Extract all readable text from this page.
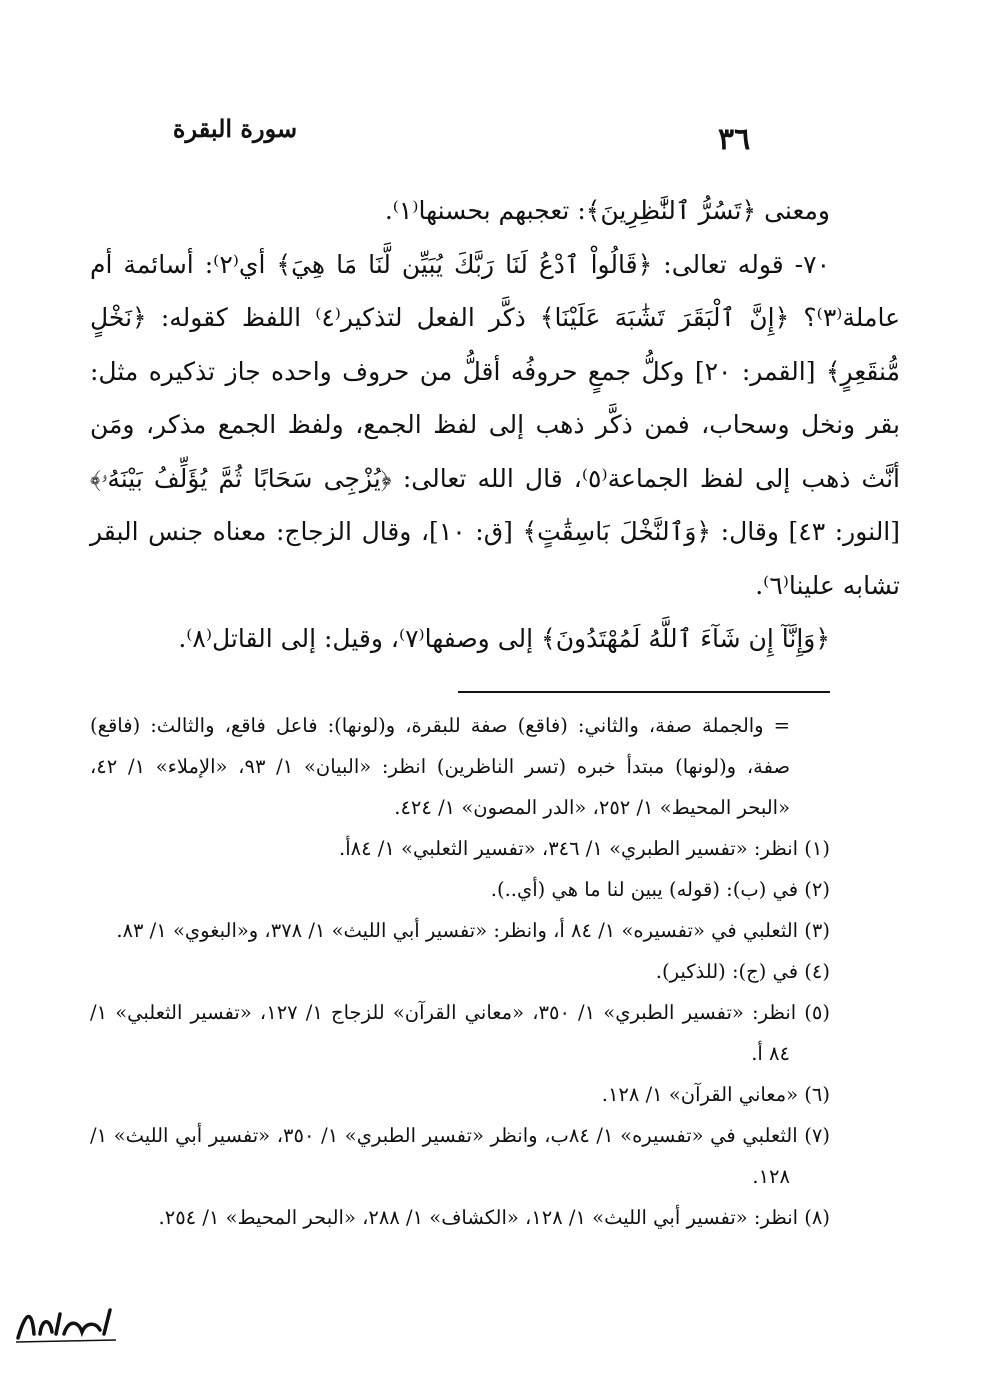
٣٦
سورة البقرة

ومعنى ﴿تَسُرُّ ٱلنَّٰظِرِينَ﴾: تعجبهم بحسنها⁽١⁾.

٧٠- قوله تعالى: ﴿قَالُواْ ٱدْعُ لَنَا رَبَّكَ يُبَيِّن لَّنَا مَا هِيَ﴾ أي⁽٢⁾: أسائمة أم عاملة⁽٣⁾؟ ﴿إِنَّ ٱلْبَقَرَ تَشَٰبَهَ عَلَيْنَا﴾ ذكَّر الفعل لتذكير⁽٤⁾ اللفظ كقوله: ﴿نَخْلٍ مُّنقَعِرٍ﴾ [القمر: ٢٠] وكلُّ جمعٍ حروفُه أقلُّ من حروف واحده جاز تذكيره مثل: بقر ونخل وسحاب، فمن ذكَّر ذهب إلى لفظ الجمع، ولفظ الجمع مذكر، ومَن أنَّث ذهب إلى لفظ الجماعة⁽٥⁾، قال الله تعالى: ﴿يُزْجِى سَحَابًا ثُمَّ يُؤَلِّفُ بَيْنَهُۥ﴾ [النور: ٤٣] وقال: ﴿وَٱلنَّخْلَ بَاسِقَٰتٍ﴾ [ق: ١٠]، وقال الزجاج: معناه جنس البقر تشابه علينا⁽٦⁾.

﴿وَإِنَّآ إِن شَآءَ ٱللَّهُ لَمُهْتَدُونَ﴾ إلى وصفها⁽٧⁾، وقيل: إلى القاتل⁽٨⁾.

= والجملة صفة، والثاني: (فاقع) صفة للبقرة، و(لونها): فاعل فاقع، والثالث: (فاقع) صفة، و(لونها) مبتدأ خبره (تسر الناظرين) انظر: «البيان» ١/ ٩٣، «الإملاء» ١/ ٤٢، «البحر المحيط» ١/ ٢٥٢، «الدر المصون» ١/ ٤٢٤.

(١) انظر: «تفسير الطبري» ١/ ٣٤٦، «تفسير الثعلبي» ١/ ٨٤أ.

(٢) في (ب): (قوله) يبين لنا ما هي (أي..).

(٣) الثعلبي في «تفسيره» ١/ ٨٤ أ، وانظر: «تفسير أبي الليث» ١/ ٣٧٨، و«البغوي» ١/ ٨٣.

(٤) في (ج): (للذكير).

(٥) انظر: «تفسير الطبري» ١/ ٣٥٠، «معاني القرآن» للزجاج ١/ ١٢٧، «تفسير الثعلبي» ١/ ٨٤ أ.

(٦) «معاني القرآن» ١/ ١٢٨.

(٧) الثعلبي في «تفسيره» ١/ ٨٤ب، وانظر «تفسير الطبري» ١/ ٣٥٠، «تفسير أبي الليث» ١/ ١٢٨.

(٨) انظر: «تفسير أبي الليث» ١/ ١٢٨، «الكشاف» ١/ ٢٨٨، «البحر المحيط» ١/ ٢٥٤.
